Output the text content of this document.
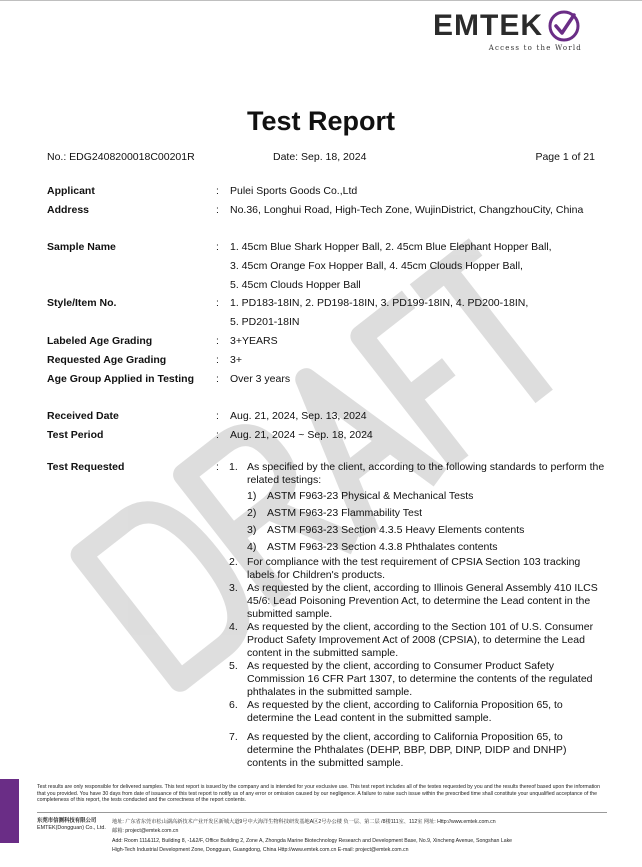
EMTEK
Access to the World
Test Report
No.: EDG2408200018C00201R	Date: Sep. 18, 2024	Page 1 of 21
Applicant	: Pulei Sports Goods Co.,Ltd
Address	: No.36, Longhui Road, High-Tech Zone, WujinDistrict, ChangzhouCity, China
Sample Name	: 1. 45cm Blue Shark Hopper Ball, 2. 45cm Blue Elephant Hopper Ball,
3. 45cm Orange Fox Hopper Ball, 4. 45cm Clouds Hopper Ball,
5. 45cm Clouds Hopper Ball
Style/Item No.	: 1. PD183-18IN, 2. PD198-18IN, 3. PD199-18IN, 4. PD200-18IN,
5. PD201-18IN
Labeled Age Grading	: 3+YEARS
Requested Age Grading	: 3+
Age Group Applied in Testing	: Over 3 years
Received Date	: Aug. 21, 2024, Sep. 13, 2024
Test Period	: Aug. 21, 2024 ~ Sep. 18, 2024
Test Requested	: 1. As specified by the client, according to the following standards to perform the related testings:
1) ASTM F963-23 Physical & Mechanical Tests
2) ASTM F963-23 Flammability Test
3) ASTM F963-23 Section 4.3.5 Heavy Elements contents
4) ASTM F963-23 Section 4.3.8 Phthalates contents
2. For compliance with the test requirement of CPSIA Section 103 tracking labels for Children's products.
3. As requested by the client, according to Illinois General Assembly 410 ILCS 45/6: Lead Poisoning Prevention Act, to determine the Lead content in the submitted sample.
4. As requested by the client, according to the Section 101 of U.S. Consumer Product Safety Improvement Act of 2008 (CPSIA), to determine the Lead content in the submitted sample.
5. As requested by the client, according to Consumer Product Safety Commission 16 CFR Part 1307, to determine the contents of the regulated phthalates in the submitted sample.
6. As requested by the client, according to California Proposition 65, to determine the Lead content in the submitted sample.
7. As requested by the client, according to California Proposition 65, to determine the Phthalates (DEHP, BBP, DBP, DINP, DIDP and DNHP) contents in the submitted sample.
Test results are only responsible for delivered samples. This test report is issued by the company and is intended for your exclusive use. This test report includes all of the testes requested by you and the results thereof based upon the information that you provided. You have 30 days from date of issuance of this test report to notify us of any error or omission caused by our negligence. A failure to raise such issue within the prescribed time shall constitute your unqualified acceptance of the completeness of this report, the tests conducted and the correctness of the report contents.
东莞市信测科技有限公司
EMTEK(Dongguan) Co., Ltd.
地址: 广东省东莞市松山湖高新技术产业开发区新城大道9号中大海洋生物科技研发基地A区2号办公楼 负一层、第二层 /8楼111室、112室 网址: Http://www.emtek.com.cn
邮箱: project@emtek.com.cn
Add: Room 111&112, Building 8, -1&2/F, Office Building 2, Zone A, Zhongda Marine Biotechnology Research and Development Base, No.9, Xincheng Avenue, Songshan Lake
High-Tech Industrial Development Zone, Dongguan, Guangdong, China Http://www.emtek.com.cn E-mail: project@emtek.com.cn
